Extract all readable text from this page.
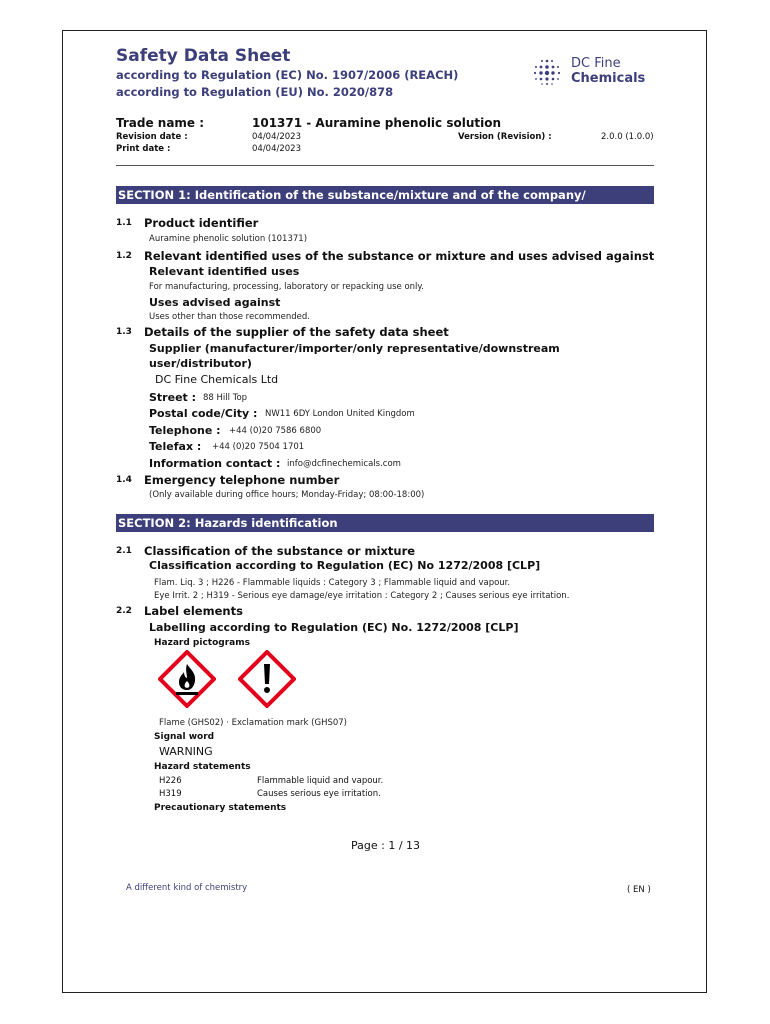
Safety Data Sheet
according to Regulation (EC) No. 1907/2006 (REACH)
according to Regulation (EU) No. 2020/878
DC Fine
Chemicals
Trade name :	101371 - Auramine phenolic solution
Revision date :	04/04/2023	Version (Revision) :	2.0.0 (1.0.0)
Print date :	04/04/2023
SECTION 1: Identification of the substance/mixture and of the company/ undertaking
1.1 Product identifier
Auramine phenolic solution (101371)
1.2 Relevant identified uses of the substance or mixture and uses advised against
Relevant identified uses
For manufacturing, processing, laboratory or repacking use only.
Uses advised against
Uses other than those recommended.
1.3 Details of the supplier of the safety data sheet
Supplier (manufacturer/importer/only representative/downstream
user/distributor)
DC Fine Chemicals Ltd
Street : 88 Hill Top
Postal code/City : NW11 6DY London United Kingdom
Telephone : +44 (0)20 7586 6800
Telefax : +44 (0)20 7504 1701
Information contact : info@dcfinechemicals.com
1.4 Emergency telephone number
(Only available during office hours; Monday-Friday; 08:00-18:00)
SECTION 2: Hazards identification
2.1 Classification of the substance or mixture
Classification according to Regulation (EC) No 1272/2008 [CLP]
Flam. Liq. 3 ; H226 - Flammable liquids : Category 3 ; Flammable liquid and vapour.
Eye Irrit. 2 ; H319 - Serious eye damage/eye irritation : Category 2 ; Causes serious eye irritation.
2.2 Label elements
Labelling according to Regulation (EC) No. 1272/2008 [CLP]
Hazard pictograms
Flame (GHS02) · Exclamation mark (GHS07)
Signal word
WARNING
Hazard statements
H226	Flammable liquid and vapour.
H319	Causes serious eye irritation.
Precautionary statements
Page : 1 / 13
A different kind of chemistry	( EN )
